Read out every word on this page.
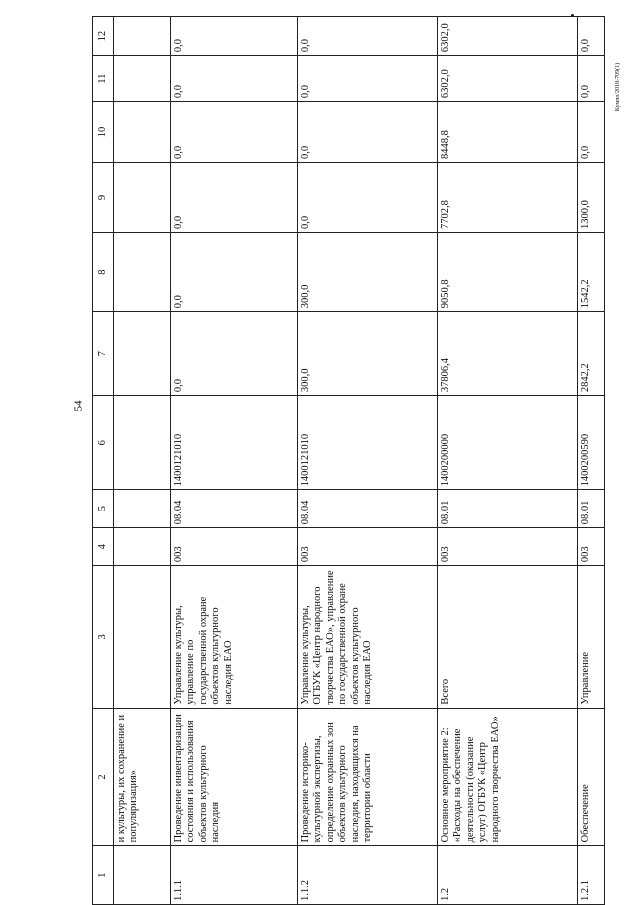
Кумпо/2018-709(1)
54
1	2	3	4	5	6	7	8	9	10	11	12
	и культуры, их сохранение и популяризация»										
1.1.1	Проведение инвентаризации состояния и использования объектов культурного наследия	Управление культуры, управление по государственной охране объектов культурного наследия ЕАО	003	08.04	1400121010	0,0	0,0	0,0	0,0	0,0	0,0
1.1.2	Проведение историко-культурной экспертизы, определение охранных зон объектов культурного наследия, находящихся на территории области	Управление культуры, ОГБУК «Центр народного творчества ЕАО», управление по государственной охране объектов культурного наследия ЕАО	003	08.04	1400121010	300,0	300,0	0,0	0,0	0,0	0,0
1.2	Основное мероприятие 2: «Расходы на обеспечение деятельности (оказание услуг) ОГБУК «Центр народного творчества ЕАО»	Всего	003	08.01	1400200000	37806,4	9050,8	7702,8	8448,8	6302,0	6302,0
1.2.1	Обеспечение	Управление	003	08.01	1400200590	2842,2	1542,2	1300,0	0,0	0,0	0,0
